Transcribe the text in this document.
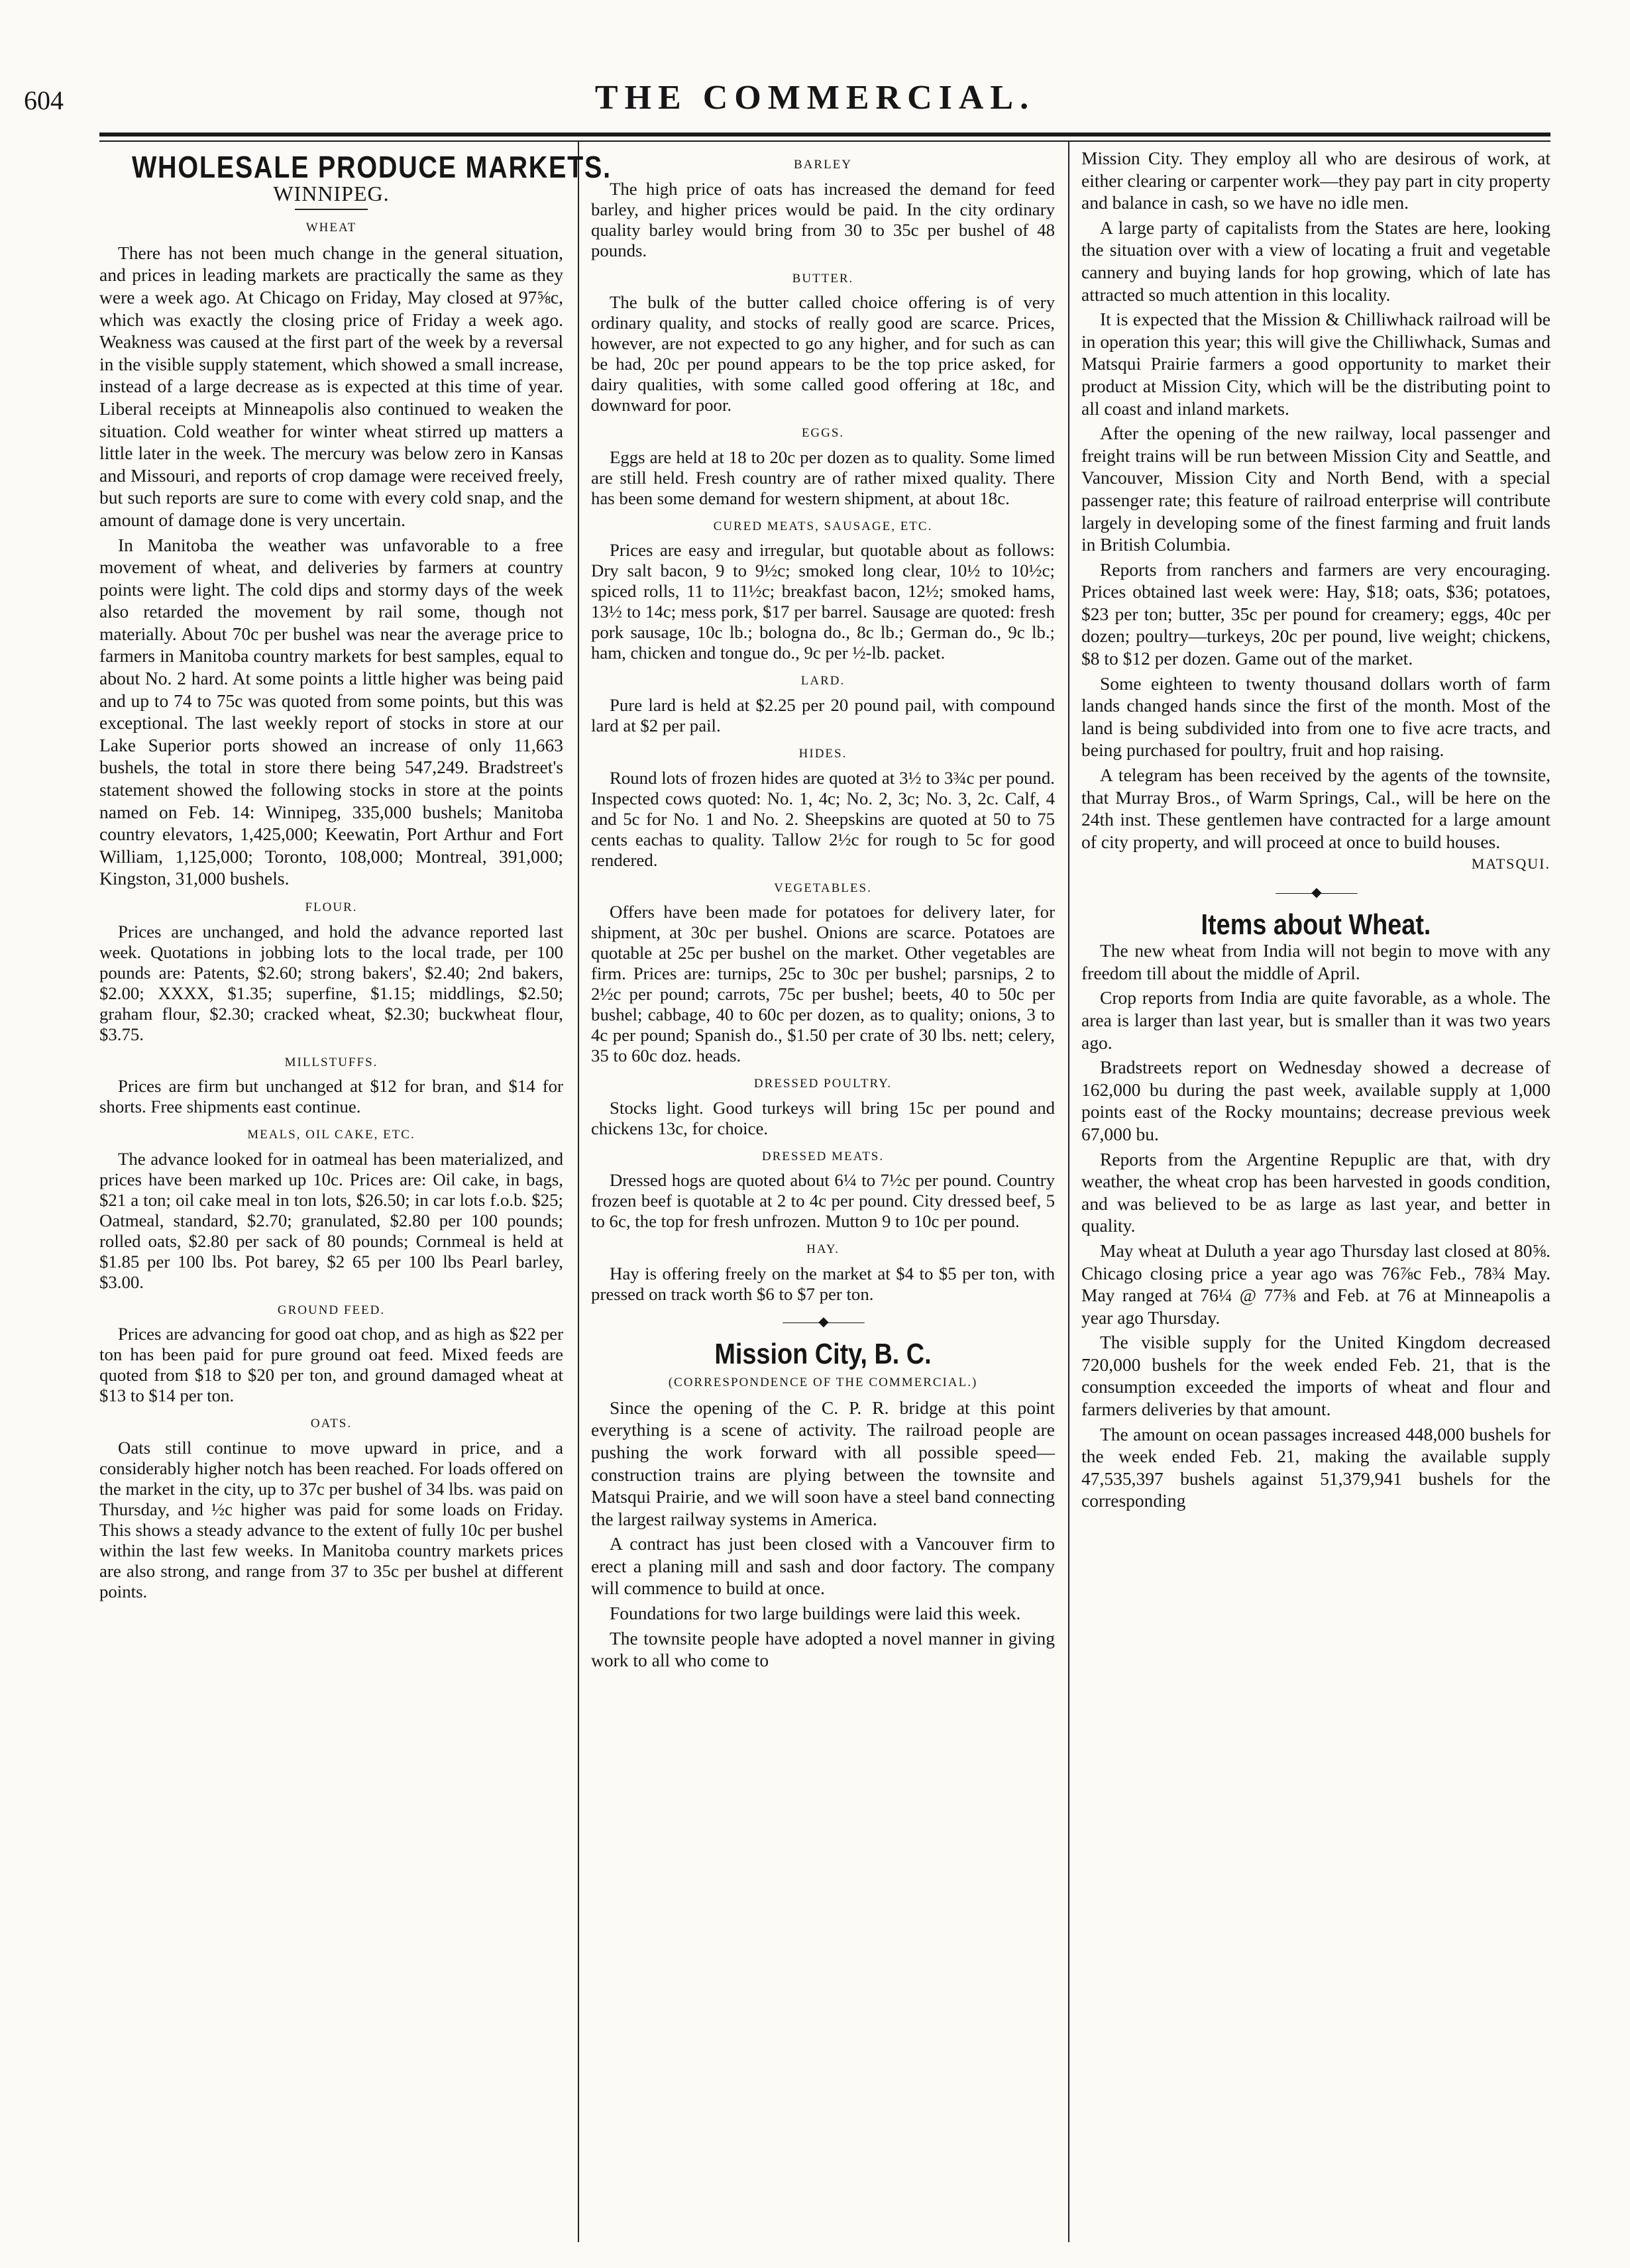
604	THE COMMERCIAL.
WHOLESALE PRODUCE MARKETS.
WINNIPEG.
WHEAT

There has not been much change in the general situation, and prices in leading markets are practically the same as they were a week ago. At Chicago on Friday, May closed at 97⅝c, which was exactly the closing price of Friday a week ago. Weakness was caused at the first part of the week by a reversal in the visible supply statement, which showed a small increase, instead of a large decrease as is expected at this time of year. Liberal receipts at Minneapolis also continued to weaken the situation. Cold weather for winter wheat stirred up matters a little later in the week. The mercury was below zero in Kansas and Missouri, and reports of crop damage were received freely, but such reports are sure to come with every cold snap, and the amount of damage done is very uncertain.

In Manitoba the weather was unfavorable to a free movement of wheat, and deliveries by farmers at country points were light. The cold dips and stormy days of the week also retarded the movement by rail some, though not materially. About 70c per bushel was near the average price to farmers in Manitoba country markets for best samples, equal to about No. 2 hard. At some points a little higher was being paid and up to 74 to 75c was quoted from some points, but this was exceptional. The last weekly report of stocks in store at our Lake Superior ports showed an increase of only 11,663 bushels, the total in store there being 547,249. Bradstreet's statement showed the following stocks in store at the points named on Feb. 14: Winnipeg, 335,000 bushels; Manitoba country elevators, 1,425,000; Keewatin, Port Arthur and Fort William, 1,125,000; Toronto, 108,000; Montreal, 391,000; Kingston, 31,000 bushels.

FLOUR.

Prices are unchanged, and hold the advance reported last week. Quotations in jobbing lots to the local trade, per 100 pounds are: Patents, $2.60; strong bakers', $2.40; 2nd bakers, $2.00; XXXX, $1.35; superfine, $1.15; middlings, $2.50; graham flour, $2.30; cracked wheat, $2.30; buckwheat flour, $3.75.

MILLSTUFFS.

Prices are firm but unchanged at $12 for bran, and $14 for shorts. Free shipments east continue.

MEALS, OIL CAKE, ETC.

The advance looked for in oatmeal has been materialized, and prices have been marked up 10c. Prices are: Oil cake, in bags, $21 a ton; oil cake meal in ton lots, $26.50; in car lots f.o.b. $25; Oatmeal, standard, $2.70; granulated, $2.80 per 100 pounds; rolled oats, $2.80 per sack of 80 pounds; Cornmeal is held at $1.85 per 100 lbs. Pot barey, $2 65 per 100 lbs Pearl barley, $3.00.

GROUND FEED.

Prices are advancing for good oat chop, and as high as $22 per ton has been paid for pure ground oat feed. Mixed feeds are quoted from $18 to $20 per ton, and ground damaged wheat at $13 to $14 per ton.

OATS.

Oats still continue to move upward in price, and a considerably higher notch has been reached. For loads offered on the market in the city, up to 37c per bushel of 34 lbs. was paid on Thursday, and ½c higher was paid for some loads on Friday. This shows a steady advance to the extent of fully 10c per bushel within the last few weeks. In Manitoba country markets prices are also strong, and range from 37 to 35c per bushel at different points.

BARLEY

The high price of oats has increased the demand for feed barley, and higher prices would be paid. In the city ordinary quality barley would bring from 30 to 35c per bushel of 48 pounds.

BUTTER.

The bulk of the butter called choice offering is of very ordinary quality, and stocks of really good are scarce. Prices, however, are not expected to go any higher, and for such as can be had, 20c per pound appears to be the top price asked, for dairy qualities, with some called good offering at 18c, and downward for poor.

EGGS.

Eggs are held at 18 to 20c per dozen as to quality. Some limed are still held. Fresh country are of rather mixed quality. There has been some demand for western shipment, at about 18c.

CURED MEATS, SAUSAGE, ETC.

Prices are easy and irregular, but quotable about as follows: Dry salt bacon, 9 to 9½c; smoked long clear, 10½ to 10½c; spiced rolls, 11 to 11½c; breakfast bacon, 12½; smoked hams, 13½ to 14c; mess pork, $17 per barrel. Sausage are quoted: fresh pork sausage, 10c lb.; bologna do., 8c lb.; German do., 9c lb.; ham, chicken and tongue do., 9c per ½-lb. packet.

LARD.

Pure lard is held at $2.25 per 20 pound pail, with compound lard at $2 per pail.

HIDES.

Round lots of frozen hides are quoted at 3½ to 3¾c per pound. Inspected cows quoted: No. 1, 4c; No. 2, 3c; No. 3, 2c. Calf, 4 and 5c for No. 1 and No. 2. Sheepskins are quoted at 50 to 75 cents eachas to quality. Tallow 2½c for rough to 5c for good rendered.

VEGETABLES.

Offers have been made for potatoes for delivery later, for shipment, at 30c per bushel. Onions are scarce. Potatoes are quotable at 25c per bushel on the market. Other vegetables are firm. Prices are: turnips, 25c to 30c per bushel; parsnips, 2 to 2½c per pound; carrots, 75c per bushel; beets, 40 to 50c per bushel; cabbage, 40 to 60c per dozen, as to quality; onions, 3 to 4c per pound; Spanish do., $1.50 per crate of 30 lbs. nett; celery, 35 to 60c doz. heads.

DRESSED POULTRY.

Stocks light. Good turkeys will bring 15c per pound and chickens 13c, for choice.

DRESSED MEATS.

Dressed hogs are quoted about 6¼ to 7½c per pound. Country frozen beef is quotable at 2 to 4c per pound. City dressed beef, 5 to 6c, the top for fresh unfrozen. Mutton 9 to 10c per pound.

HAY.

Hay is offering freely on the market at $4 to $5 per ton, with pressed on track worth $6 to $7 per ton.

―――◆―――
Mission City, B. C.
(CORRESPONDENCE OF THE COMMERCIAL.)

Since the opening of the C. P. R. bridge at this point everything is a scene of activity. The railroad people are pushing the work forward with all possible speed—construction trains are plying between the townsite and Matsqui Prairie, and we will soon have a steel band connecting the largest railway systems in America.

A contract has just been closed with a Vancouver firm to erect a planing mill and sash and door factory. The company will commence to build at once.

Foundations for two large buildings were laid this week.

The townsite people have adopted a novel manner in giving work to all who come to

Mission City. They employ all who are desirous of work, at either clearing or carpenter work—they pay part in city property and balance in cash, so we have no idle men.

A large party of capitalists from the States are here, looking the situation over with a view of locating a fruit and vegetable cannery and buying lands for hop growing, which of late has attracted so much attention in this locality.

It is expected that the Mission & Chilliwhack railroad will be in operation this year; this will give the Chilliwhack, Sumas and Matsqui Prairie farmers a good opportunity to market their product at Mission City, which will be the distributing point to all coast and inland markets.

After the opening of the new railway, local passenger and freight trains will be run between Mission City and Seattle, and Vancouver, Mission City and North Bend, with a special passenger rate; this feature of railroad enterprise will contribute largely in developing some of the finest farming and fruit lands in British Columbia.

Reports from ranchers and farmers are very encouraging. Prices obtained last week were: Hay, $18; oats, $36; potatoes, $23 per ton; butter, 35c per pound for creamery; eggs, 40c per dozen; poultry—turkeys, 20c per pound, live weight; chickens, $8 to $12 per dozen. Game out of the market.

Some eighteen to twenty thousand dollars worth of farm lands changed hands since the first of the month. Most of the land is being subdivided into from one to five acre tracts, and being purchased for poultry, fruit and hop raising.

A telegram has been received by the agents of the townsite, that Murray Bros., of Warm Springs, Cal., will be here on the 24th inst. These gentlemen have contracted for a large amount of city property, and will proceed at once to build houses.
MATSQUI.

―――◆―――
Items about Wheat.

The new wheat from India will not begin to move with any freedom till about the middle of April.

Crop reports from India are quite favorable, as a whole. The area is larger than last year, but is smaller than it was two years ago.

Bradstreets report on Wednesday showed a decrease of 162,000 bu during the past week, available supply at 1,000 points east of the Rocky mountains; decrease previous week 67,000 bu.

Reports from the Argentine Repuplic are that, with dry weather, the wheat crop has been harvested in goods condition, and was believed to be as large as last year, and better in quality.

May wheat at Duluth a year ago Thursday last closed at 80⅝. Chicago closing price a year ago was 76⅞c Feb., 78¾ May. May ranged at 76¼ @ 77⅜ and Feb. at 76 at Minneapolis a year ago Thursday.

The visible supply for the United Kingdom decreased 720,000 bushels for the week ended Feb. 21, that is the consumption exceeded the imports of wheat and flour and farmers deliveries by that amount.

The amount on ocean passages increased 448,000 bushels for the week ended Feb. 21, making the available supply 47,535,397 bushels against 51,379,941 bushels for the corresponding
